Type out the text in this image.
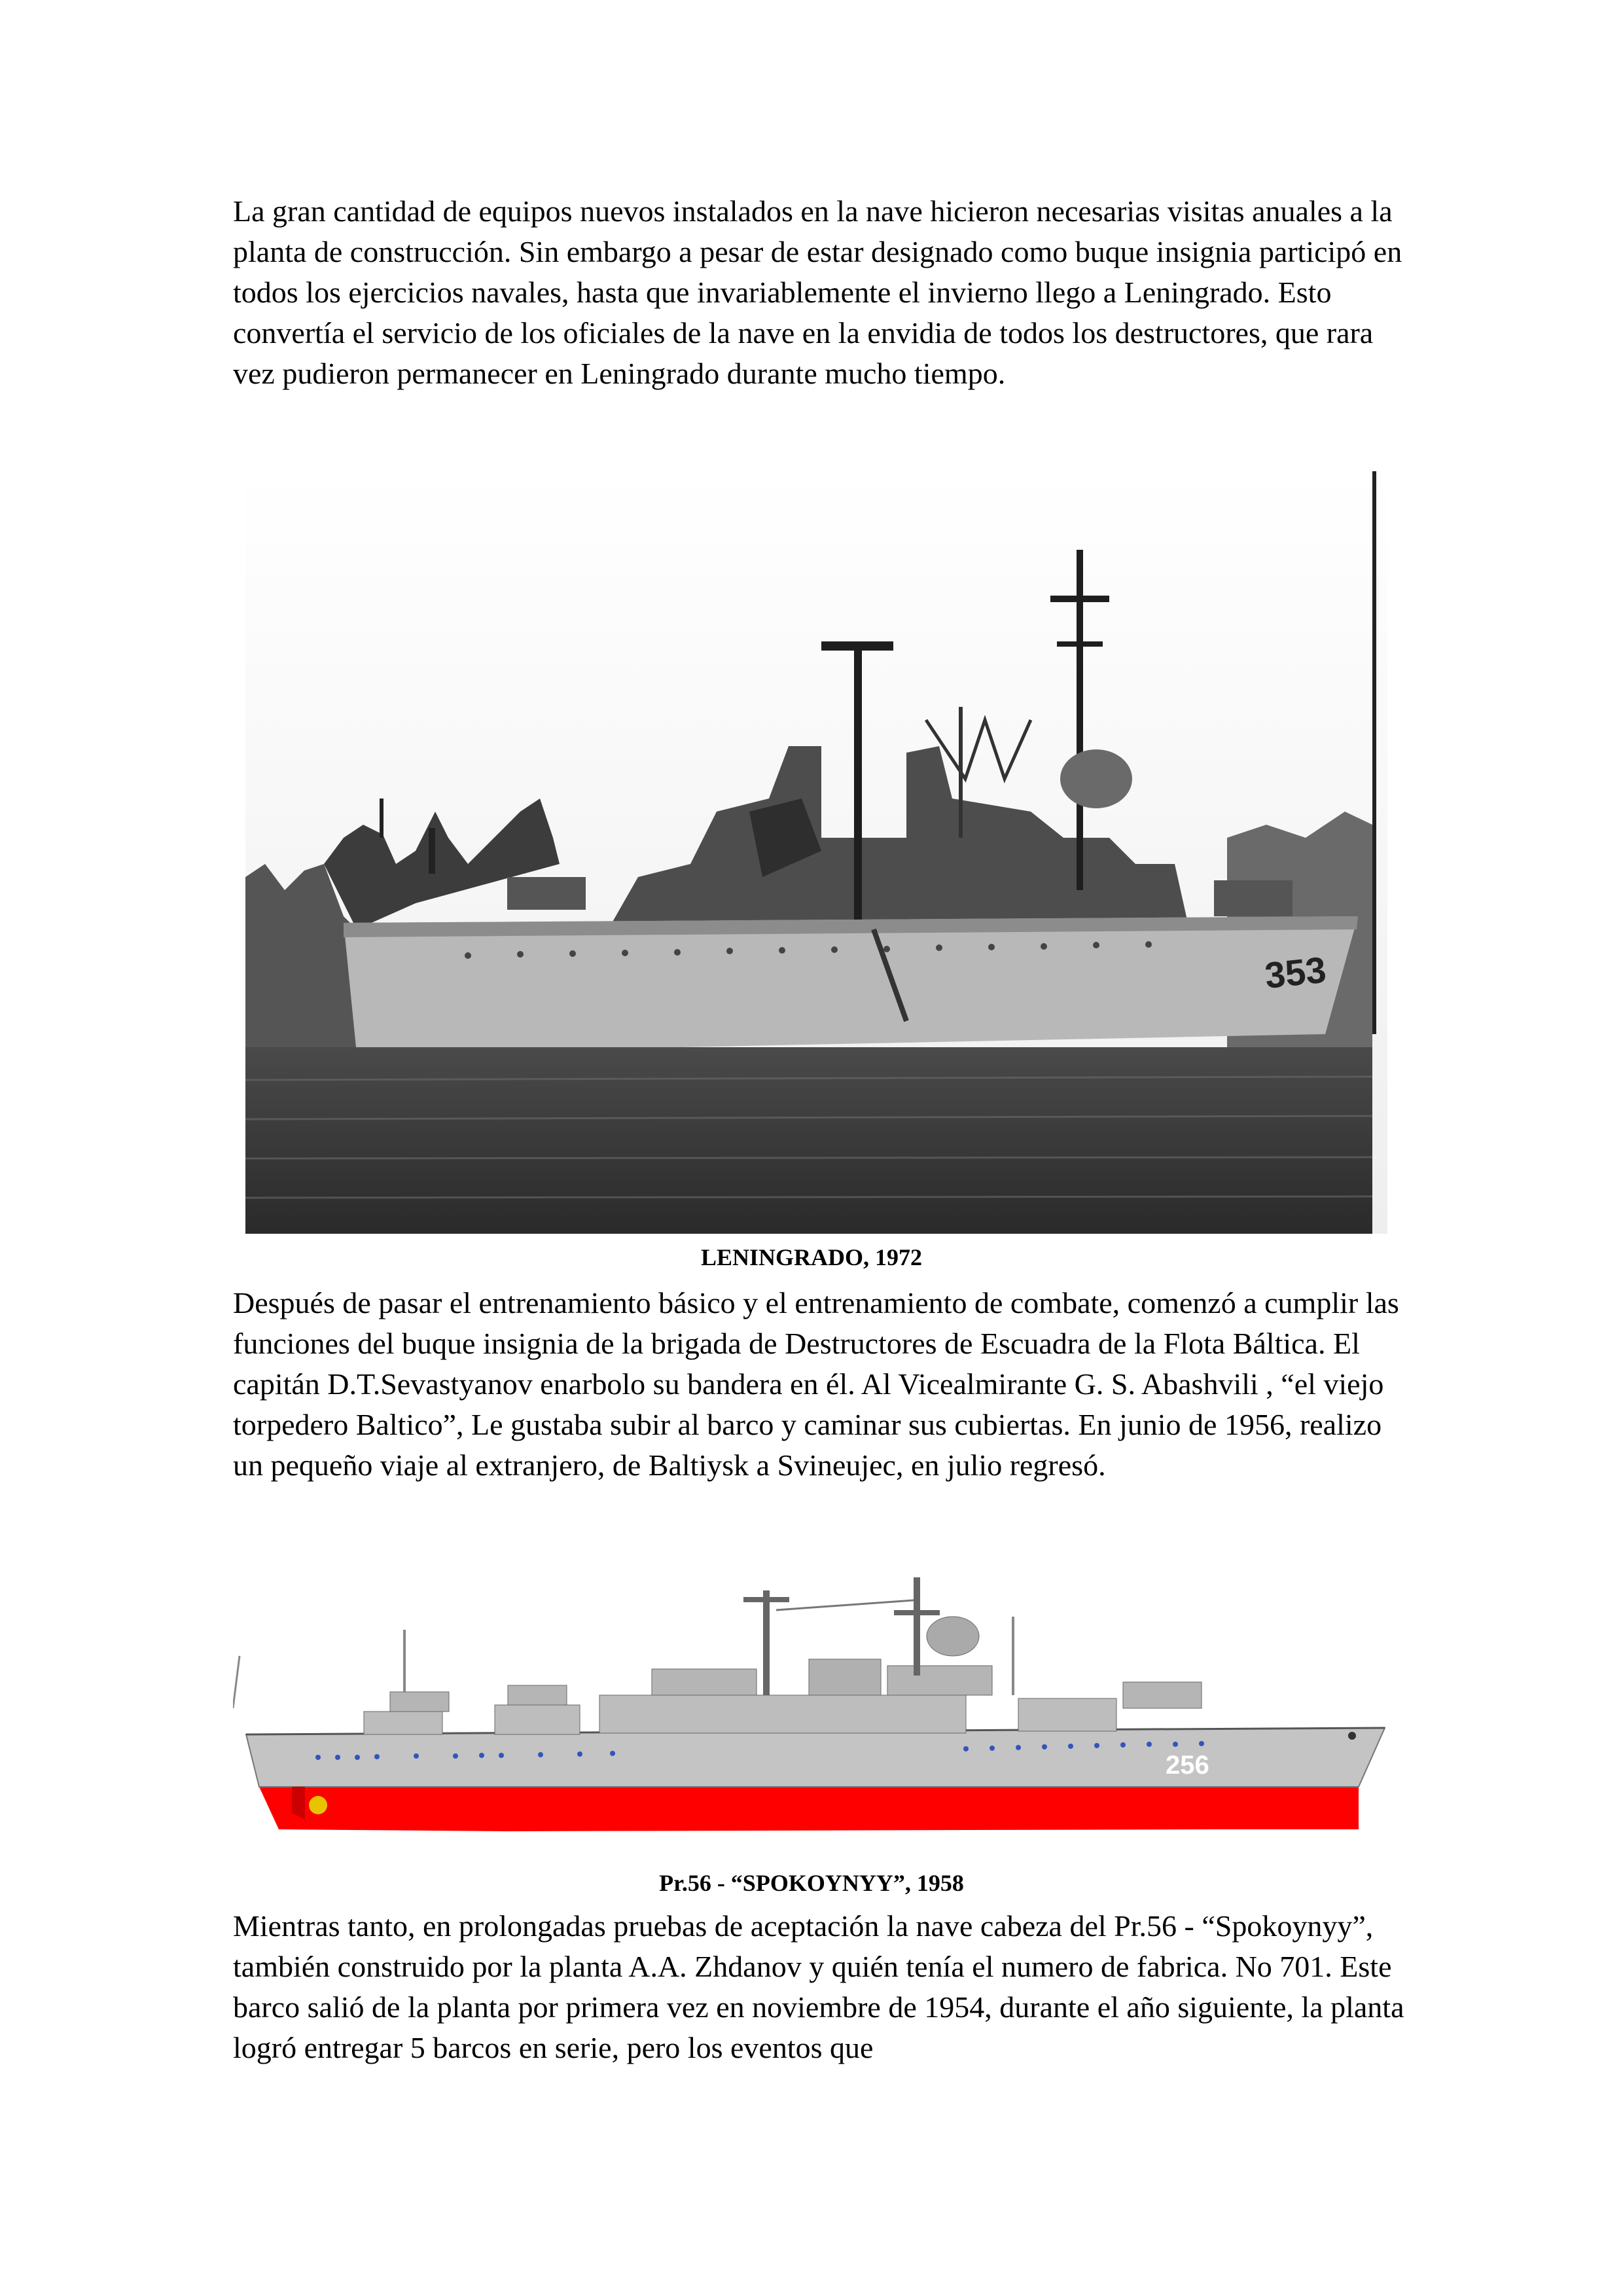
La gran cantidad de equipos nuevos instalados en la nave hicieron necesarias visitas anuales a la planta de construcción. Sin embargo a pesar de estar designado como buque insignia participó en todos los ejercicios navales, hasta que invariablemente el invierno llego a Leningrado. Esto convertía el servicio de los oficiales de la nave en la envidia de todos los destructores, que rara vez pudieron permanecer en Leningrado durante mucho tiempo.

353

LENINGRADO, 1972

Después de pasar el entrenamiento básico y el entrenamiento de combate, comenzó a cumplir las funciones del buque insignia de la brigada de Destructores de Escuadra de la Flota Báltica. El capitán D.T.Sevastyanov enarbolo su bandera en él. Al Vicealmirante G. S. Abashvili , “el viejo torpedero Baltico”, Le gustaba subir al barco y caminar sus cubiertas. En junio de 1956, realizo un pequeño viaje al extranjero, de Baltiysk a Svineujec, en julio regresó.

256

Pr.56 - “SPOKOYNYY”, 1958

Mientras tanto, en prolongadas pruebas de aceptación la nave cabeza del Pr.56 - “Spokoynyy”, también construido por la planta A.A. Zhdanov y quién tenía el numero de fabrica. No 701. Este barco salió de la planta por primera vez en noviembre de 1954, durante el año siguiente, la planta logró entregar 5 barcos en serie, pero los eventos que
